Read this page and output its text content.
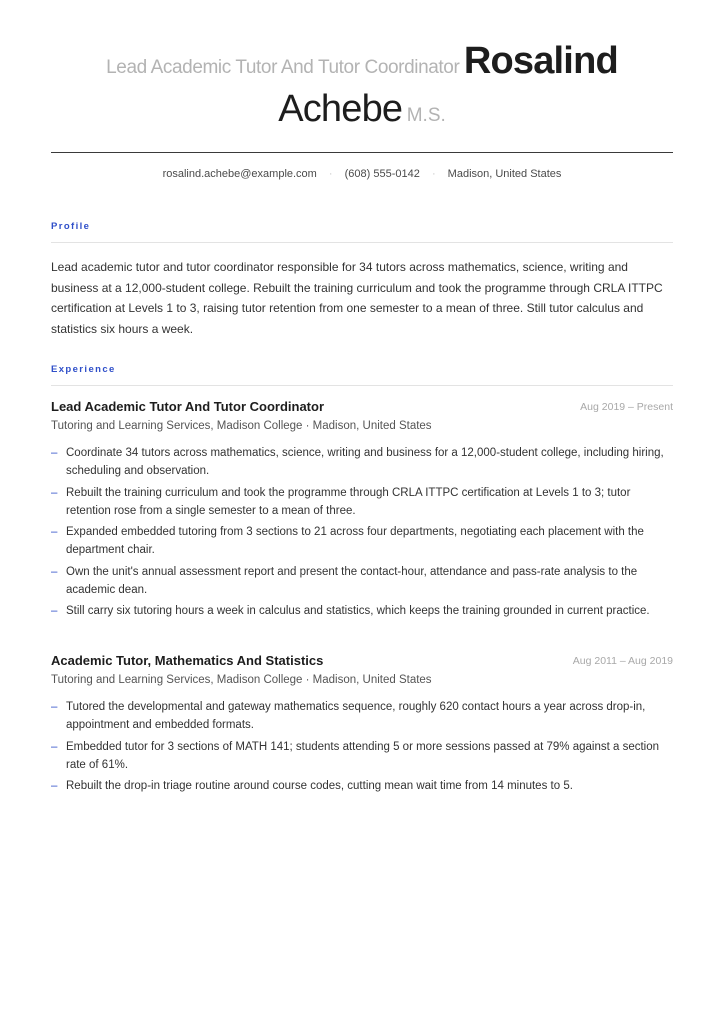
Lead Academic Tutor And Tutor Coordinator Rosalind
Achebe M.S.
rosalind.achebe@example.com · (608) 555-0142 · Madison, United States
Profile
Lead academic tutor and tutor coordinator responsible for 34 tutors across mathematics, science, writing and business at a 12,000-student college. Rebuilt the training curriculum and took the programme through CRLA ITTPC certification at Levels 1 to 3, raising tutor retention from one semester to a mean of three. Still tutor calculus and statistics six hours a week.
Experience
Lead Academic Tutor And Tutor Coordinator	Aug 2019 – Present
Tutoring and Learning Services, Madison College · Madison, United States
– Coordinate 34 tutors across mathematics, science, writing and business for a 12,000-student college, including hiring, scheduling and observation.
– Rebuilt the training curriculum and took the programme through CRLA ITTPC certification at Levels 1 to 3; tutor retention rose from a single semester to a mean of three.
– Expanded embedded tutoring from 3 sections to 21 across four departments, negotiating each placement with the department chair.
– Own the unit's annual assessment report and present the contact-hour, attendance and pass-rate analysis to the academic dean.
– Still carry six tutoring hours a week in calculus and statistics, which keeps the training grounded in current practice.
Academic Tutor, Mathematics And Statistics	Aug 2011 – Aug 2019
Tutoring and Learning Services, Madison College · Madison, United States
– Tutored the developmental and gateway mathematics sequence, roughly 620 contact hours a year across drop-in, appointment and embedded formats.
– Embedded tutor for 3 sections of MATH 141; students attending 5 or more sessions passed at 79% against a section rate of 61%.
– Rebuilt the drop-in triage routine around course codes, cutting mean wait time from 14 minutes to 5.
